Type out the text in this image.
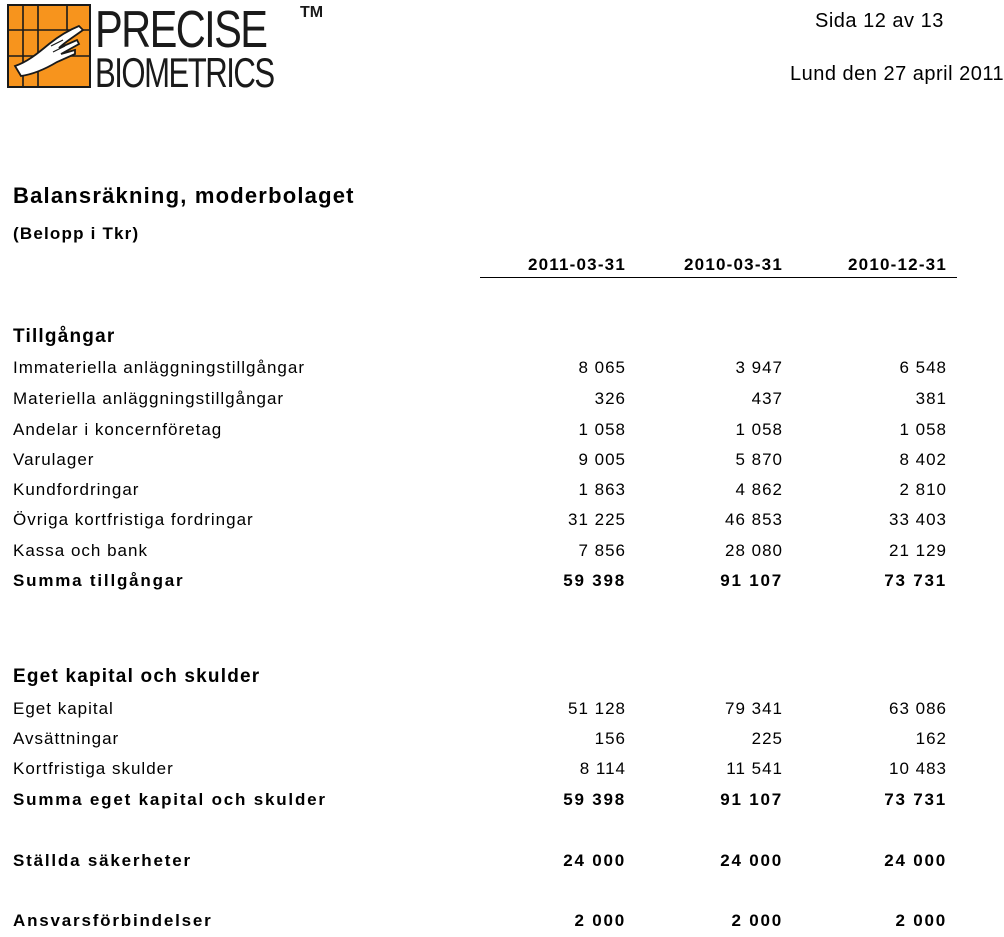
PRECISE
BIOMETRICS
TM	Sida 12 av 13
Lund den 27 april 2011
Balansräkning, moderbolaget
(Belopp i Tkr)
2011-03-31	2010-03-31	2010-12-31
Tillgångar
Immateriella anläggningstillgångar	8 065	3 947	6 548
Materiella anläggningstillgångar	326	437	381
Andelar i koncernföretag	1 058	1 058	1 058
Varulager	9 005	5 870	8 402
Kundfordringar	1 863	4 862	2 810
Övriga kortfristiga fordringar	31 225	46 853	33 403
Kassa och bank	7 856	28 080	21 129
Summa tillgångar	59 398	91 107	73 731
Eget kapital och skulder
Eget kapital	51 128	79 341	63 086
Avsättningar	156	225	162
Kortfristiga skulder	8 114	11 541	10 483
Summa eget kapital och skulder	59 398	91 107	73 731
Ställda säkerheter	24 000	24 000	24 000
Ansvarsförbindelser	2 000	2 000	2 000
